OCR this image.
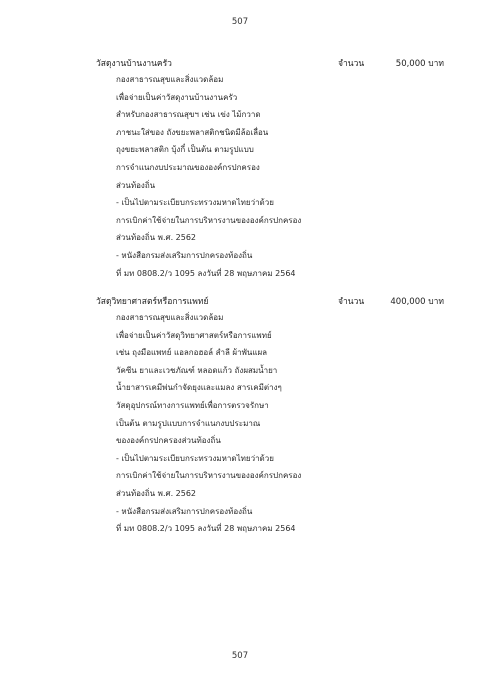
507
วัสดุงานบ้านงานครัว	จำนวน	50,000 บาท
กองสาธารณสุขและสิ่งแวดล้อม
เพื่อจ่ายเป็นค่าวัสดุงานบ้านงานครัว
สำหรับกองสาธารณสุขฯ เช่น เข่ง ไม้กวาด
ภาชนะใส่ของ ถังขยะพลาสติกชนิดมีล้อเลื่อน
ถุงขยะพลาสติก บุ้งกี๋ เป็นต้น ตามรูปแบบ
การจำแนกงบประมาณขององค์กรปกครอง
ส่วนท้องถิ่น
- เป็นไปตามระเบียบกระทรวงมหาดไทยว่าด้วย
การเบิกค่าใช้จ่ายในการบริหารงานขององค์กรปกครอง
ส่วนท้องถิ่น พ.ศ. 2562
- หนังสือกรมส่งเสริมการปกครองท้องถิ่น
ที่ มท 0808.2/ว 1095 ลงวันที่ 28 พฤษภาคม 2564
วัสดุวิทยาศาสตร์หรือการแพทย์	จำนวน	400,000 บาท
กองสาธารณสุขและสิ่งแวดล้อม
เพื่อจ่ายเป็นค่าวัสดุวิทยาศาสตร์หรือการแพทย์
เช่น ถุงมือแพทย์ แอลกอฮอล์ สำลี ผ้าพันแผล
วัคซีน ยาและเวชภัณฑ์ หลอดแก้ว ถังผสมน้ำยา
น้ำยาสารเคมีพ่นกำจัดยุงและแมลง สารเคมีต่างๆ
วัสดุอุปกรณ์ทางการแพทย์เพื่อการตรวจรักษา
เป็นต้น ตามรูปแบบการจำแนกงบประมาณ
ขององค์กรปกครองส่วนท้องถิ่น
- เป็นไปตามระเบียบกระทรวงมหาดไทยว่าด้วย
การเบิกค่าใช้จ่ายในการบริหารงานขององค์กรปกครอง
ส่วนท้องถิ่น พ.ศ. 2562
- หนังสือกรมส่งเสริมการปกครองท้องถิ่น
ที่ มท 0808.2/ว 1095 ลงวันที่ 28 พฤษภาคม 2564
507
